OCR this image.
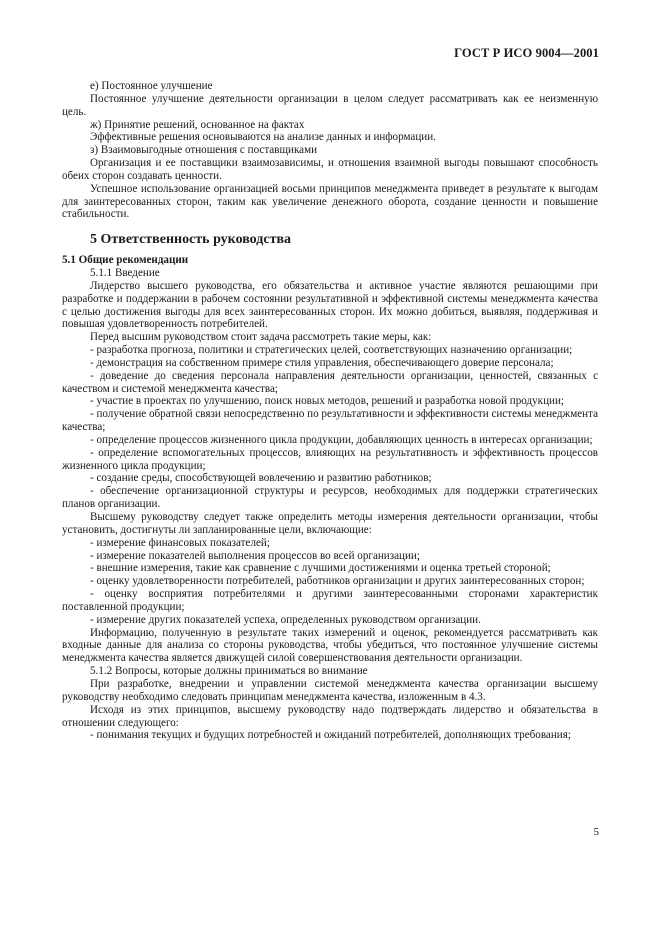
ГОСТ Р ИСО 9004—2001

е) Постоянное улучшение

Постоянное улучшение деятельности организации в целом следует рассматривать как ее неизменную цель.

ж) Принятие решений, основанное на фактах

Эффективные решения основываются на анализе данных и информации.

з) Взаимовыгодные отношения с поставщиками

Организация и ее поставщики взаимозависимы, и отношения взаимной выгоды повышают способность обеих сторон создавать ценности.

Успешное использование организацией восьми принципов менеджмента приведет в результате к выгодам для заинтересованных сторон, таким как увеличение денежного оборота, создание ценности и повышение стабильности.

5 Ответственность руководства

5.1 Общие рекомендации

5.1.1 Введение

Лидерство высшего руководства, его обязательства и активное участие являются решающими при разработке и поддержании в рабочем состоянии результативной и эффективной системы менеджмента качества с целью достижения выгоды для всех заинтересованных сторон. Их можно добиться, выявляя, поддерживая и повышая удовлетворенность потребителей.

Перед высшим руководством стоит задача рассмотреть такие меры, как:

- разработка прогноза, политики и стратегических целей, соответствующих назначению организации;

- демонстрация на собственном примере стиля управления, обеспечивающего доверие персонала;

- доведение до сведения персонала направления деятельности организации, ценностей, связанных с качеством и системой менеджмента качества;

- участие в проектах по улучшению, поиск новых методов, решений и разработка новой продукции;

- получение обратной связи непосредственно по результативности и эффективности системы менеджмента качества;

- определение процессов жизненного цикла продукции, добавляющих ценность в интересах организации;

- определение вспомогательных процессов, влияющих на результативность и эффективность процессов жизненного цикла продукции;

- создание среды, способствующей вовлечению и развитию работников;

- обеспечение организационной структуры и ресурсов, необходимых для поддержки стратегических планов организации.

Высшему руководству следует также определить методы измерения деятельности организации, чтобы установить, достигнуты ли запланированные цели, включающие:

- измерение финансовых показателей;

- измерение показателей выполнения процессов во всей организации;

- внешние измерения, такие как сравнение с лучшими достижениями и оценка третьей стороной;

- оценку удовлетворенности потребителей, работников организации и других заинтересованных сторон;

- оценку восприятия потребителями и другими заинтересованными сторонами характеристик поставленной продукции;

- измерение других показателей успеха, определенных руководством организации.

Информацию, полученную в результате таких измерений и оценок, рекомендуется рассматривать как входные данные для анализа со стороны руководства, чтобы убедиться, что постоянное улучшение системы менеджмента качества является движущей силой совершенствования деятельности организации.

5.1.2 Вопросы, которые должны приниматься во внимание

При разработке, внедрении и управлении системой менеджмента качества организации высшему руководству необходимо следовать принципам менеджмента качества, изложенным в 4.3.

Исходя из этих принципов, высшему руководству надо подтверждать лидерство и обязательства в отношении следующего:

- понимания текущих и будущих потребностей и ожиданий потребителей, дополняющих требования;

5
